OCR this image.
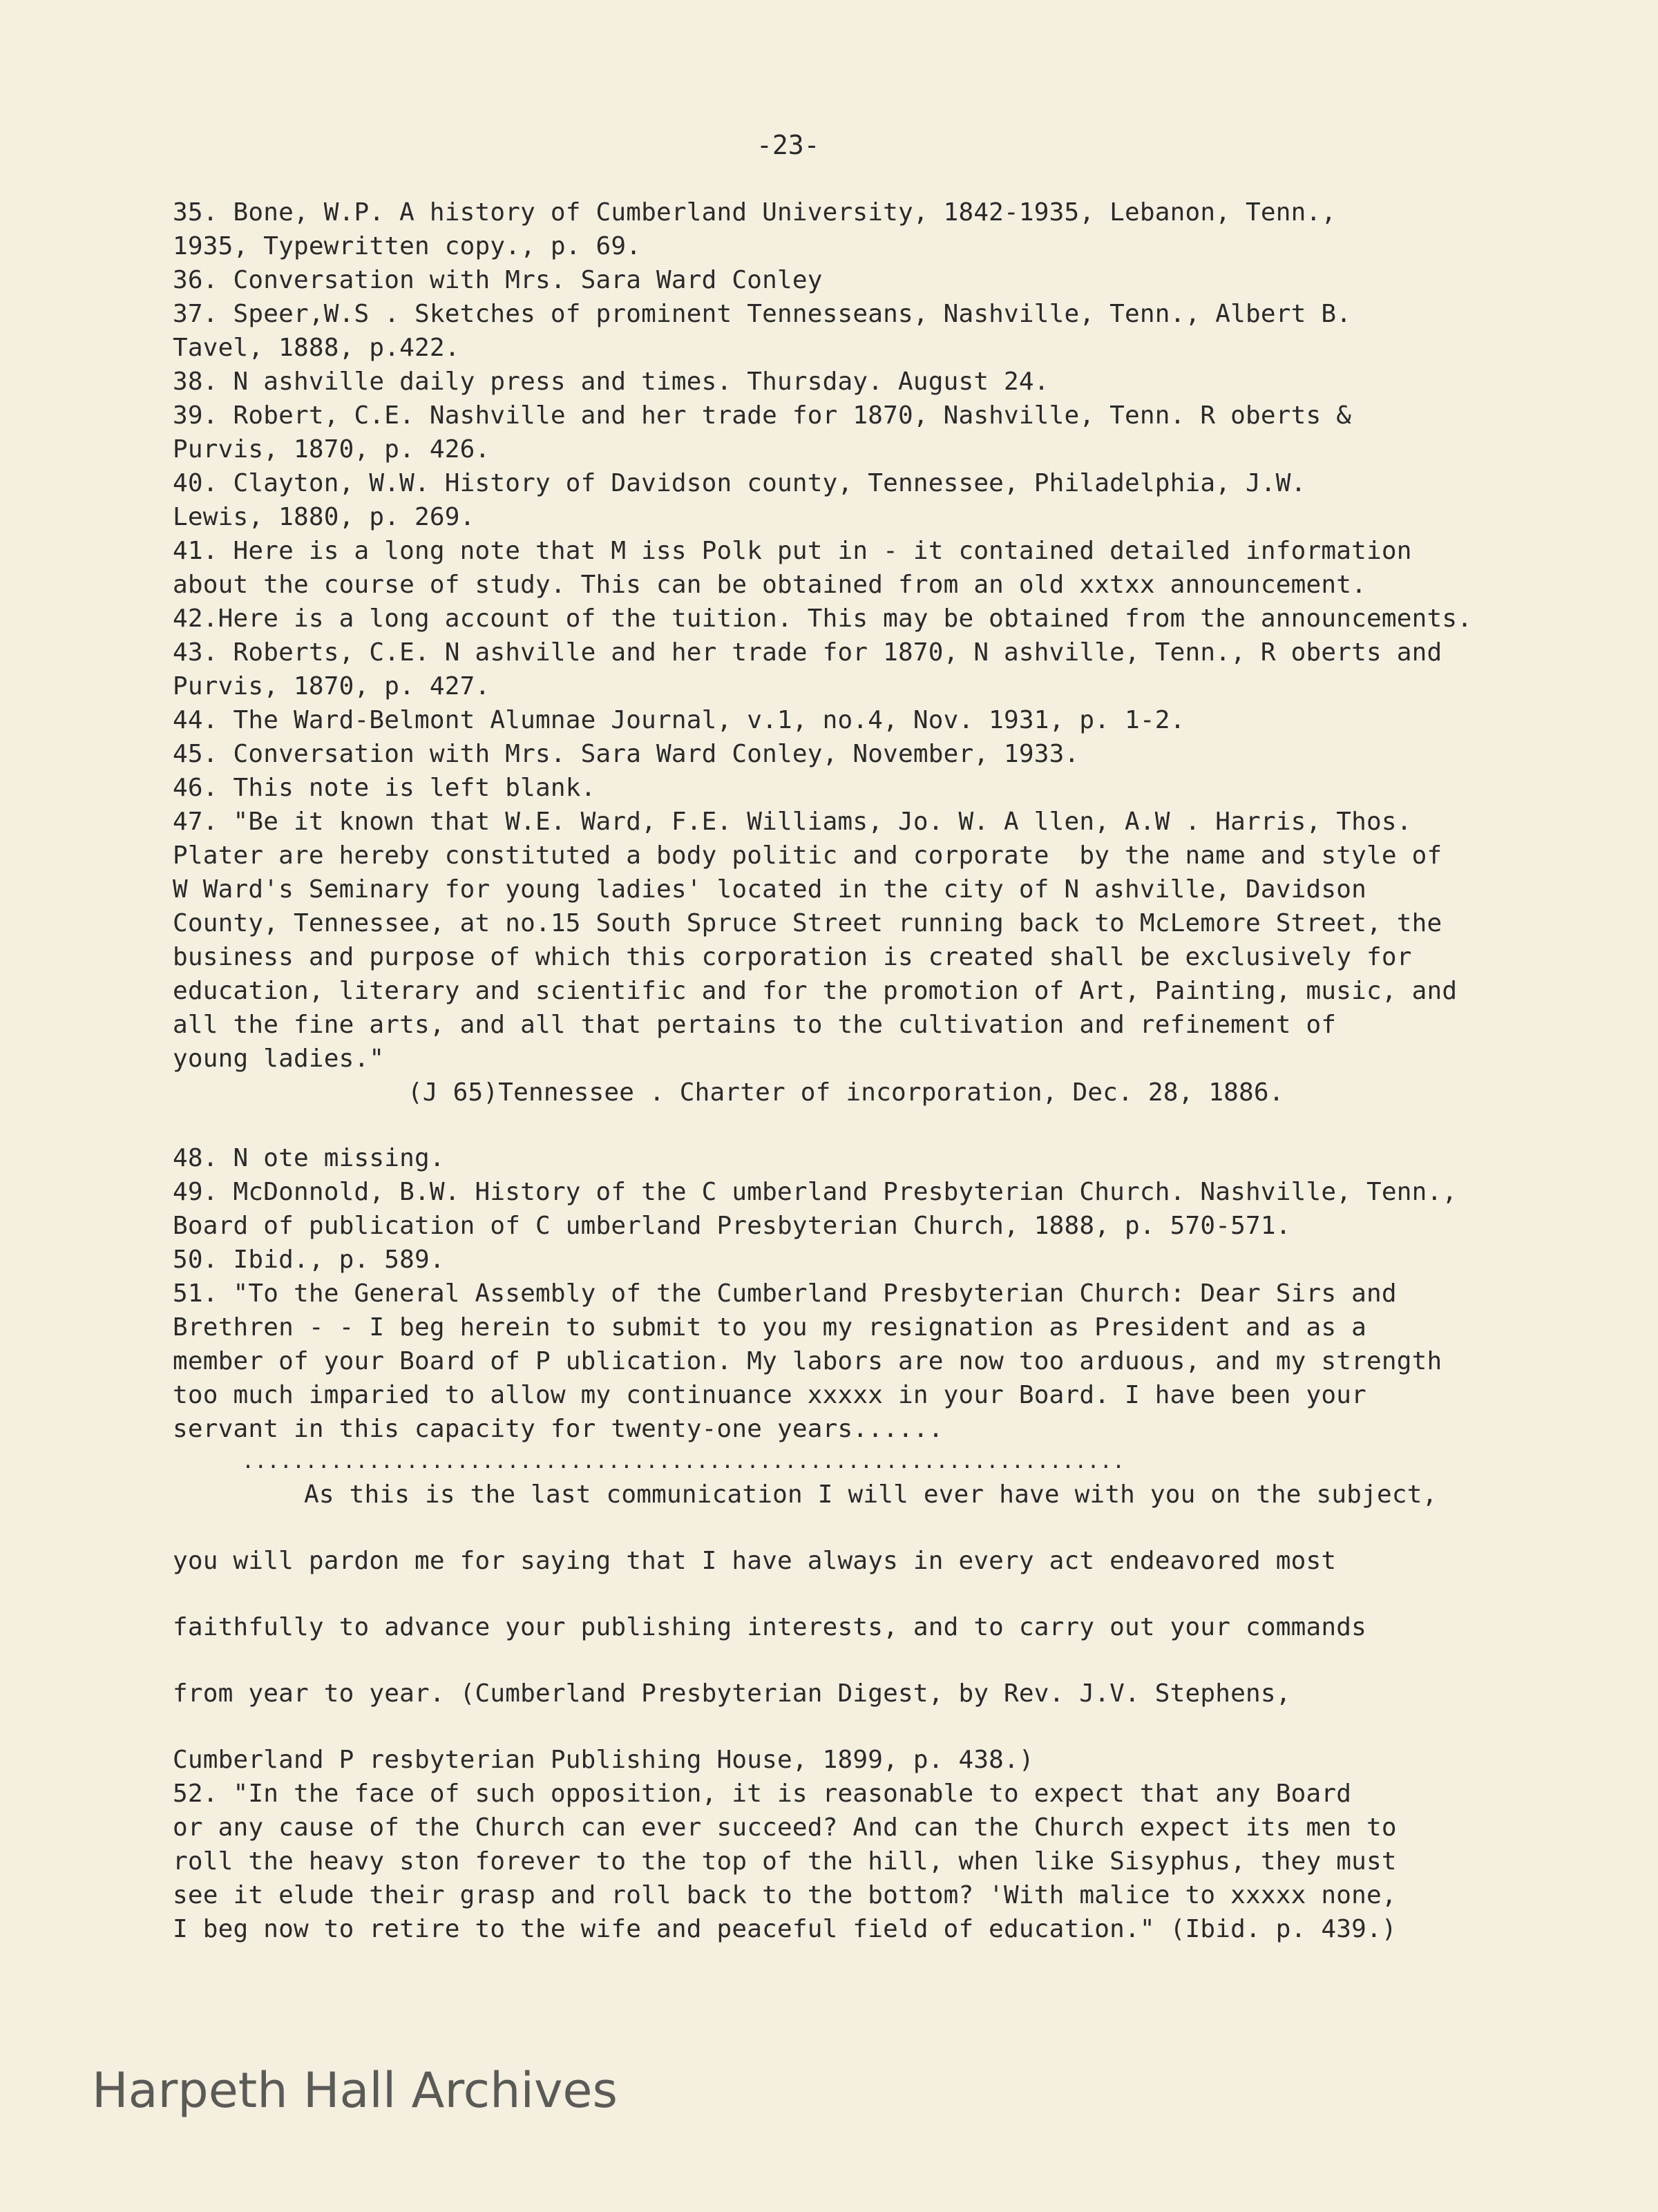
-23-
35. Bone, W.P. A history of Cumberland University, 1842-1935, Lebanon, Tenn.,
1935, Typewritten copy., p. 69.
36. Conversation with Mrs. Sara Ward Conley
37. Speer,W.S . Sketches of prominent Tennesseans, Nashville, Tenn., Albert B.
Tavel, 1888, p.422.
38. N ashville daily press and times. Thursday. August 24.
39. Robert, C.E. Nashville and her trade for 1870, Nashville, Tenn. R oberts &
Purvis, 1870, p. 426.
40. Clayton, W.W. History of Davidson county, Tennessee, Philadelphia, J.W.
Lewis, 1880, p. 269.
41. Here is a long note that M iss Polk put in - it contained detailed information
about the course of study. This can be obtained from an old xxtxx announcement.
42.Here is a long account of the tuition. This may be obtained from the announcements.
43. Roberts, C.E. N ashville and her trade for 1870, N ashville, Tenn., R oberts and
Purvis, 1870, p. 427.
44. The Ward-Belmont Alumnae Journal, v.1, no.4, Nov. 1931, p. 1-2.
45. Conversation with Mrs. Sara Ward Conley, November, 1933.
46. This note is left blank.
47. "Be it known that W.E. Ward, F.E. Williams, Jo. W. A llen, A.W . Harris, Thos.
Plater are hereby constituted a body politic and corporate  by the name and style of
W Ward's Seminary for young ladies' located in the city of N ashville, Davidson
County, Tennessee, at no.15 South Spruce Street running back to McLemore Street, the
business and purpose of which this corporation is created shall be exclusively for
education, literary and scientific and for the promotion of Art, Painting, music, and
all the fine arts, and all that pertains to the cultivation and refinement of
young ladies."
(J 65)Tennessee . Charter of incorporation, Dec. 28, 1886.
48. N ote missing.
49. McDonnold, B.W. History of the C umberland Presbyterian Church. Nashville, Tenn.,
Board of publication of C umberland Presbyterian Church, 1888, p. 570-571.
50. Ibid., p. 589.
51. "To the General Assembly of the Cumberland Presbyterian Church: Dear Sirs and
Brethren - - I beg herein to submit to you my resignation as President and as a
member of your Board of P ublication. My labors are now too arduous, and my strength
too much imparied to allow my continuance xxxxx in your Board. I have been your
servant in this capacity for twenty-one years......
......................................................................
As this is the last communication I will ever have with you on the subject,
you will pardon me for saying that I have always in every act endeavored most
faithfully to advance your publishing interests, and to carry out your commands
from year to year. (Cumberland Presbyterian Digest, by Rev. J.V. Stephens,
Cumberland P resbyterian Publishing House, 1899, p. 438.)
52. "In the face of such opposition, it is reasonable to expect that any Board
or any cause of the Church can ever succeed? And can the Church expect its men to
roll the heavy ston forever to the top of the hill, when like Sisyphus, they must
see it elude their grasp and roll back to the bottom? 'With malice to xxxxx none,
I beg now to retire to the wife and peaceful field of education." (Ibid. p. 439.)
Harpeth Hall Archives
